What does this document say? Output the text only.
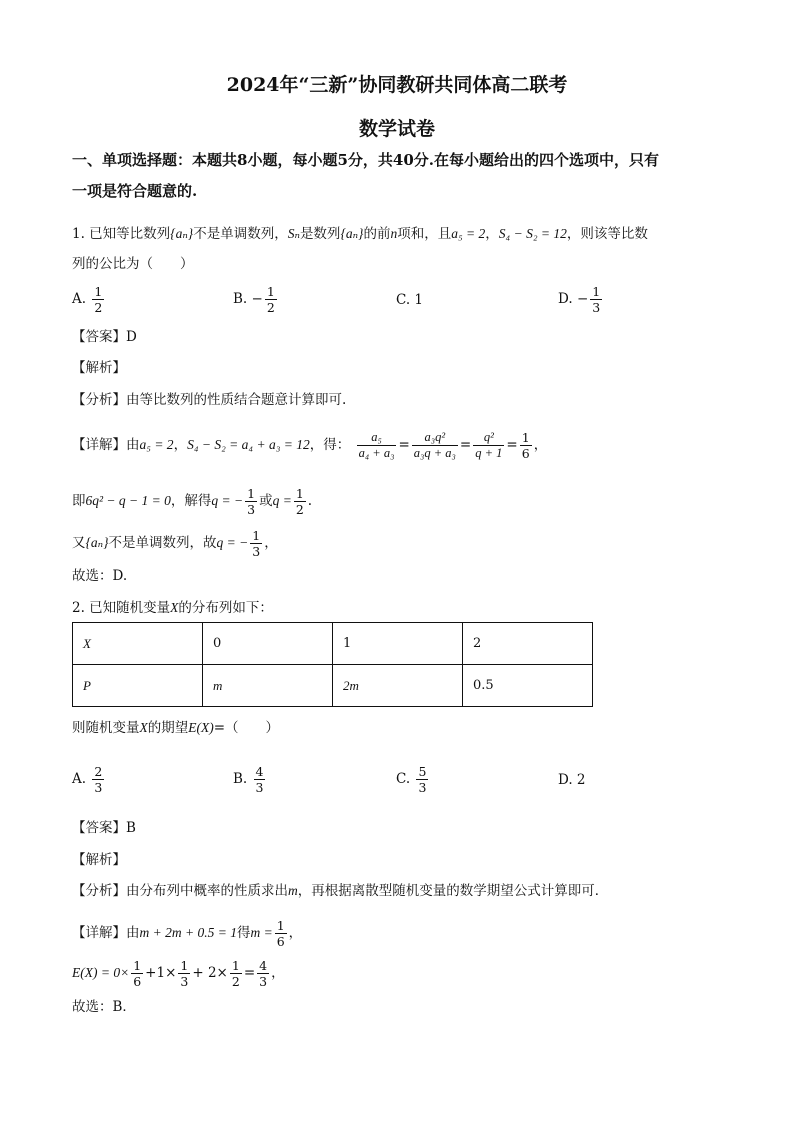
2024年“三新”协同教研共同体高二联考
数学试卷
一、单项选择题：本题共8小题，每小题5分，共40分.在每小题给出的四个选项中，只有
一项是符合题意的.
1. 已知等比数列{aₙ}不是单调数列，Sₙ是数列{aₙ}的前n项和，且a₅ = 2，S₄ − S₂ = 12，则该等比数
列的公比为（　　）
A. $\frac{1}{2}$	B. − $\frac{1}{2}$	C. 1	D. − $\frac{1}{3}$
【答案】D
【解析】
【分析】由等比数列的性质结合题意计算即可.
【详解】由a₅ = 2，S₄ − S₂ = a₄ + a₃ = 12，得： $\frac{\text{a₅}}{\text{a₄ + a₃}} = \frac{\text{a₃q²}}{\text{a₃q + a₃}} = \frac{\text{q²}}{q + 1} = \frac{1}{6}$ ，
即6q² − q − 1 = 0，解得q = − $\frac{1}{3}$ 或$q = \frac{1}{2}$ .
又{aₙ}不是单调数列，故q = − $\frac{1}{3}$ ，
故选：D.
2. 已知随机变量X的分布列如下：
X	0	1	2
P	m	2m	0.5
则随机变量X的期望E(X)=（　　）
A. $\frac{2}{3}$	B. $\frac{4}{3}$	C. $\frac{5}{3}$	D. 2
【答案】B
【解析】
【分析】由分布列中概率的性质求出m，再根据离散型随机变量的数学期望公式计算即可．
【详解】由m + 2m + 0.5 = 1得$m = \frac{1}{6}$ ，
$E(X) = 0\times \frac{1}{6} +1\times \frac{1}{3} + 2\times \frac{1}{2} = \frac{4}{3}$ ，
故选：B．
